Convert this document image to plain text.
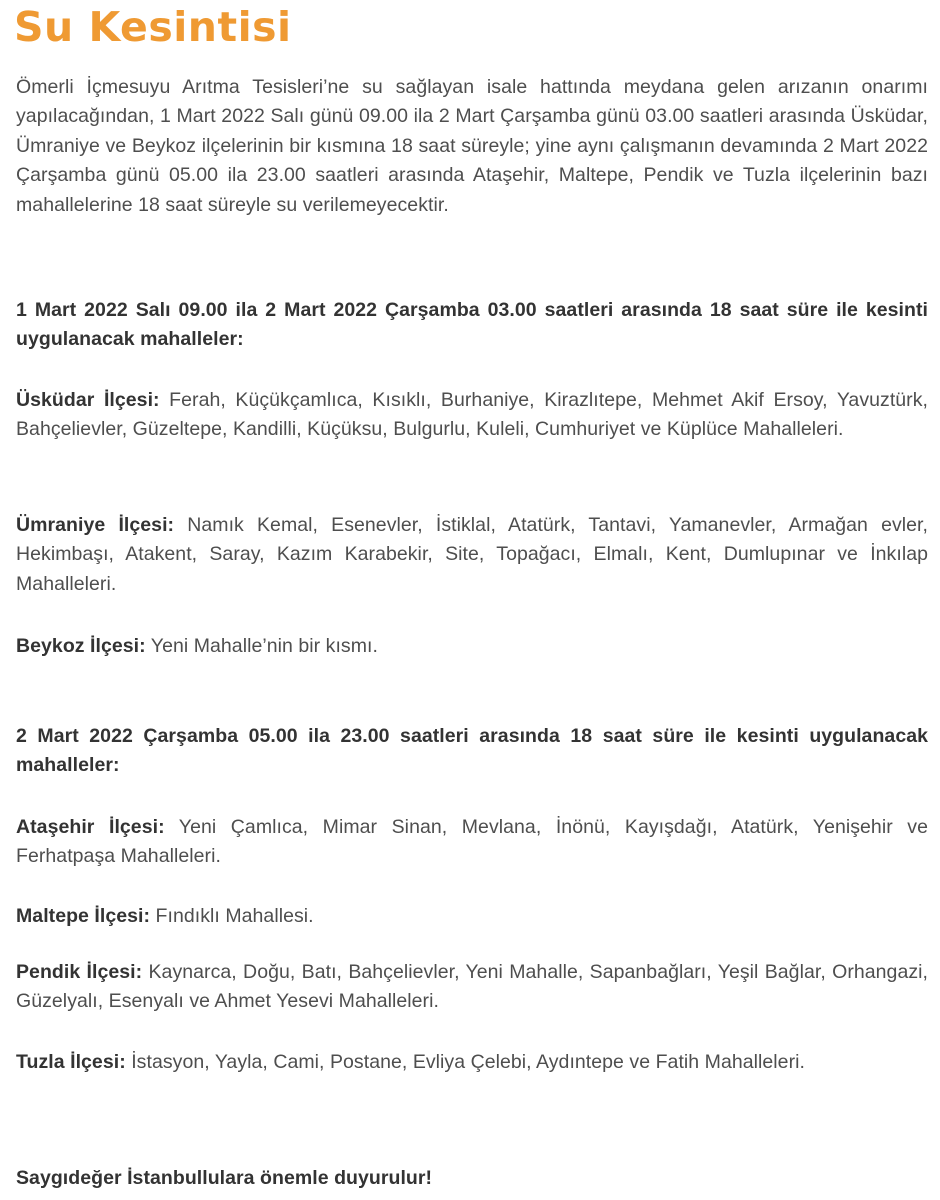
Su Kesintisi

Ömerli İçmesuyu Arıtma Tesisleri’ne su sağlayan isale hattında meydana gelen arızanın onarımı yapılacağından, 1 Mart 2022 Salı günü 09.00 ila 2 Mart Çarşamba günü 03.00 saatleri arasında Üsküdar, Ümraniye ve Beykoz ilçelerinin bir kısmına 18 saat süreyle; yine aynı çalışmanın devamında 2 Mart 2022 Çarşamba günü 05.00 ila 23.00 saatleri arasında Ataşehir, Maltepe, Pendik ve Tuzla ilçelerinin bazı mahallelerine 18 saat süreyle su verilemeyecektir.

1 Mart 2022 Salı 09.00 ila 2 Mart 2022 Çarşamba 03.00 saatleri arasında 18 saat süre ile kesinti uygulanacak mahalleler:

Üsküdar İlçesi: Ferah, Küçükçamlıca, Kısıklı, Burhaniye, Kirazlıtepe, Mehmet Akif Ersoy, Yavuztürk, Bahçelievler, Güzeltepe, Kandilli, Küçüksu, Bulgurlu, Kuleli, Cumhuriyet ve Küplüce Mahalleleri.

Ümraniye İlçesi: Namık Kemal, Esenevler, İstiklal, Atatürk, Tantavi, Yamanevler, Armağan evler, Hekimbaşı, Atakent, Saray, Kazım Karabekir, Site, Topağacı, Elmalı, Kent, Dumlupınar ve İnkılap Mahalleleri.

Beykoz İlçesi: Yeni Mahalle’nin bir kısmı.

2 Mart 2022 Çarşamba 05.00 ila 23.00 saatleri arasında 18 saat süre ile kesinti uygulanacak mahalleler:

Ataşehir İlçesi: Yeni Çamlıca, Mimar Sinan, Mevlana, İnönü, Kayışdağı, Atatürk, Yenişehir ve Ferhatpaşa Mahalleleri.

Maltepe İlçesi: Fındıklı Mahallesi.

Pendik İlçesi: Kaynarca, Doğu, Batı, Bahçelievler, Yeni Mahalle, Sapanbağları, Yeşil Bağlar, Orhangazi, Güzelyalı, Esenyalı ve Ahmet Yesevi Mahalleleri.

Tuzla İlçesi: İstasyon, Yayla, Cami, Postane, Evliya Çelebi, Aydıntepe ve Fatih Mahalleleri.

Saygıdeğer İstanbullulara önemle duyurulur!
